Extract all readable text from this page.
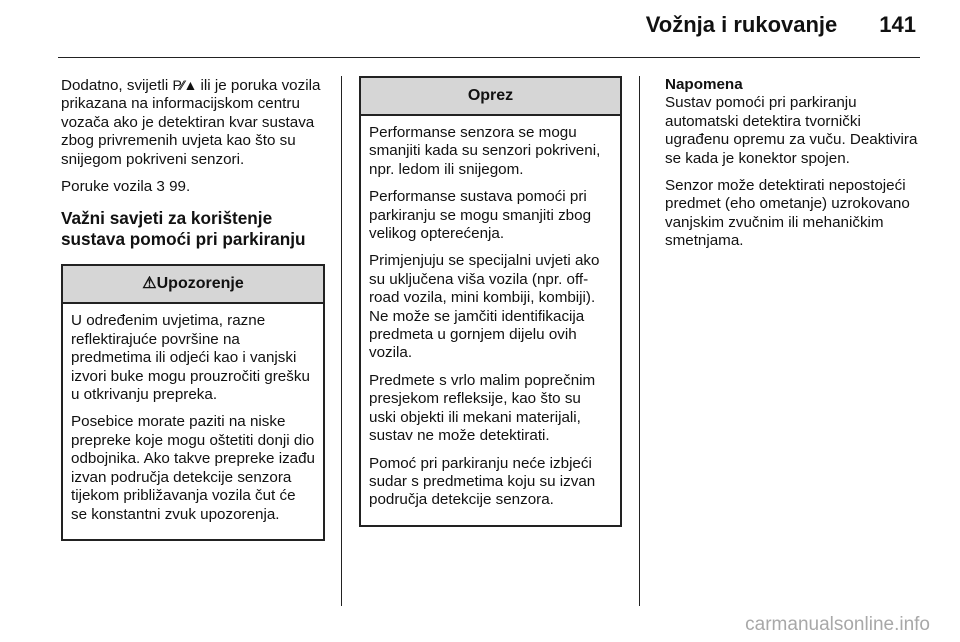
Vožnja i rukovanje 141

Dodatno, svijetli P⁄⁄▲ ili je poruka vozila prikazana na informacijskom centru vozača ako je detektiran kvar sustava zbog privremenih uvjeta kao što su snijegom pokriveni senzori.

Poruke vozila 3 99.

Važni savjeti za korištenje sustava pomoći pri parkiranju
⚠Upozorenje

U određenim uvjetima, razne reflektirajuće površine na predmetima ili odjeći kao i vanjski izvori buke mogu prouzročiti grešku u otkrivanju prepreka.

Posebice morate paziti na niske prepreke koje mogu oštetiti donji dio odbojnika. Ako takve prepreke izađu izvan područja detekcije senzora tijekom približavanja vozila čut će se konstantni zvuk upozorenja.

Oprez

Performanse senzora se mogu smanjiti kada su senzori pokriveni, npr. ledom ili snijegom.

Performanse sustava pomoći pri parkiranju se mogu smanjiti zbog velikog opterećenja.

Primjenjuju se specijalni uvjeti ako su uključena viša vozila (npr. off-road vozila, mini kombiji, kombiji). Ne može se jamčiti identifikacija predmeta u gornjem dijelu ovih vozila.

Predmete s vrlo malim poprečnim presjekom refleksije, kao što su uski objekti ili mekani materijali, sustav ne može detektirati.

Pomoć pri parkiranju neće izbjeći sudar s predmetima koju su izvan područja detekcije senzora.

Napomena

Sustav pomoći pri parkiranju automatski detektira tvornički ugrađenu opremu za vuču. Deaktivira se kada je konektor spojen.

Senzor može detektirati nepostojeći predmet (eho ometanje) uzrokovano vanjskim zvučnim ili mehaničkim smetnjama.

carmanualsonline.info
